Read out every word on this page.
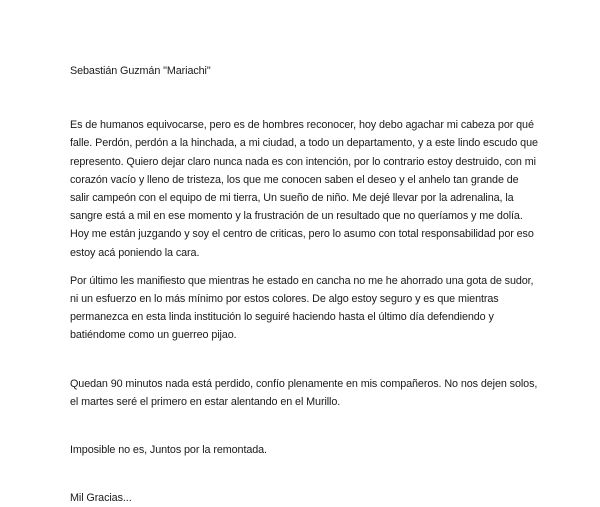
Sebastián Guzmán "Mariachi"

Es de humanos equivocarse, pero es de hombres reconocer, hoy debo agachar mi cabeza por qué falle. Perdón, perdón a la hinchada, a mi ciudad, a todo un departamento, y a este lindo escudo que represento. Quiero dejar claro nunca nada es con intención, por lo contrario estoy destruido, con mi corazón vacío y lleno de tristeza, los que me conocen saben el deseo y el anhelo tan grande de salir campeón con el equipo de mi tierra, Un sueño de niño. Me dejé llevar por la adrenalina, la sangre está a mil en ese momento y la frustración de un resultado que no queríamos y me dolía. Hoy me están juzgando y soy el centro de criticas, pero lo asumo con total responsabilidad por eso estoy acá poniendo la cara.

Por último les manifiesto que mientras he estado en cancha no me he ahorrado una gota de sudor, ni un esfuerzo en lo más mínimo por estos colores. De algo estoy seguro y es que mientras permanezca en esta linda institución lo seguiré haciendo hasta el último día defendiendo y batiéndome como un guerreo pijao.

Quedan 90 minutos nada está perdido, confío plenamente en mis compañeros. No nos dejen solos, el martes seré el primero en estar alentando en el Murillo.

Imposible no es, Juntos por la remontada.

Mil Gracias...
